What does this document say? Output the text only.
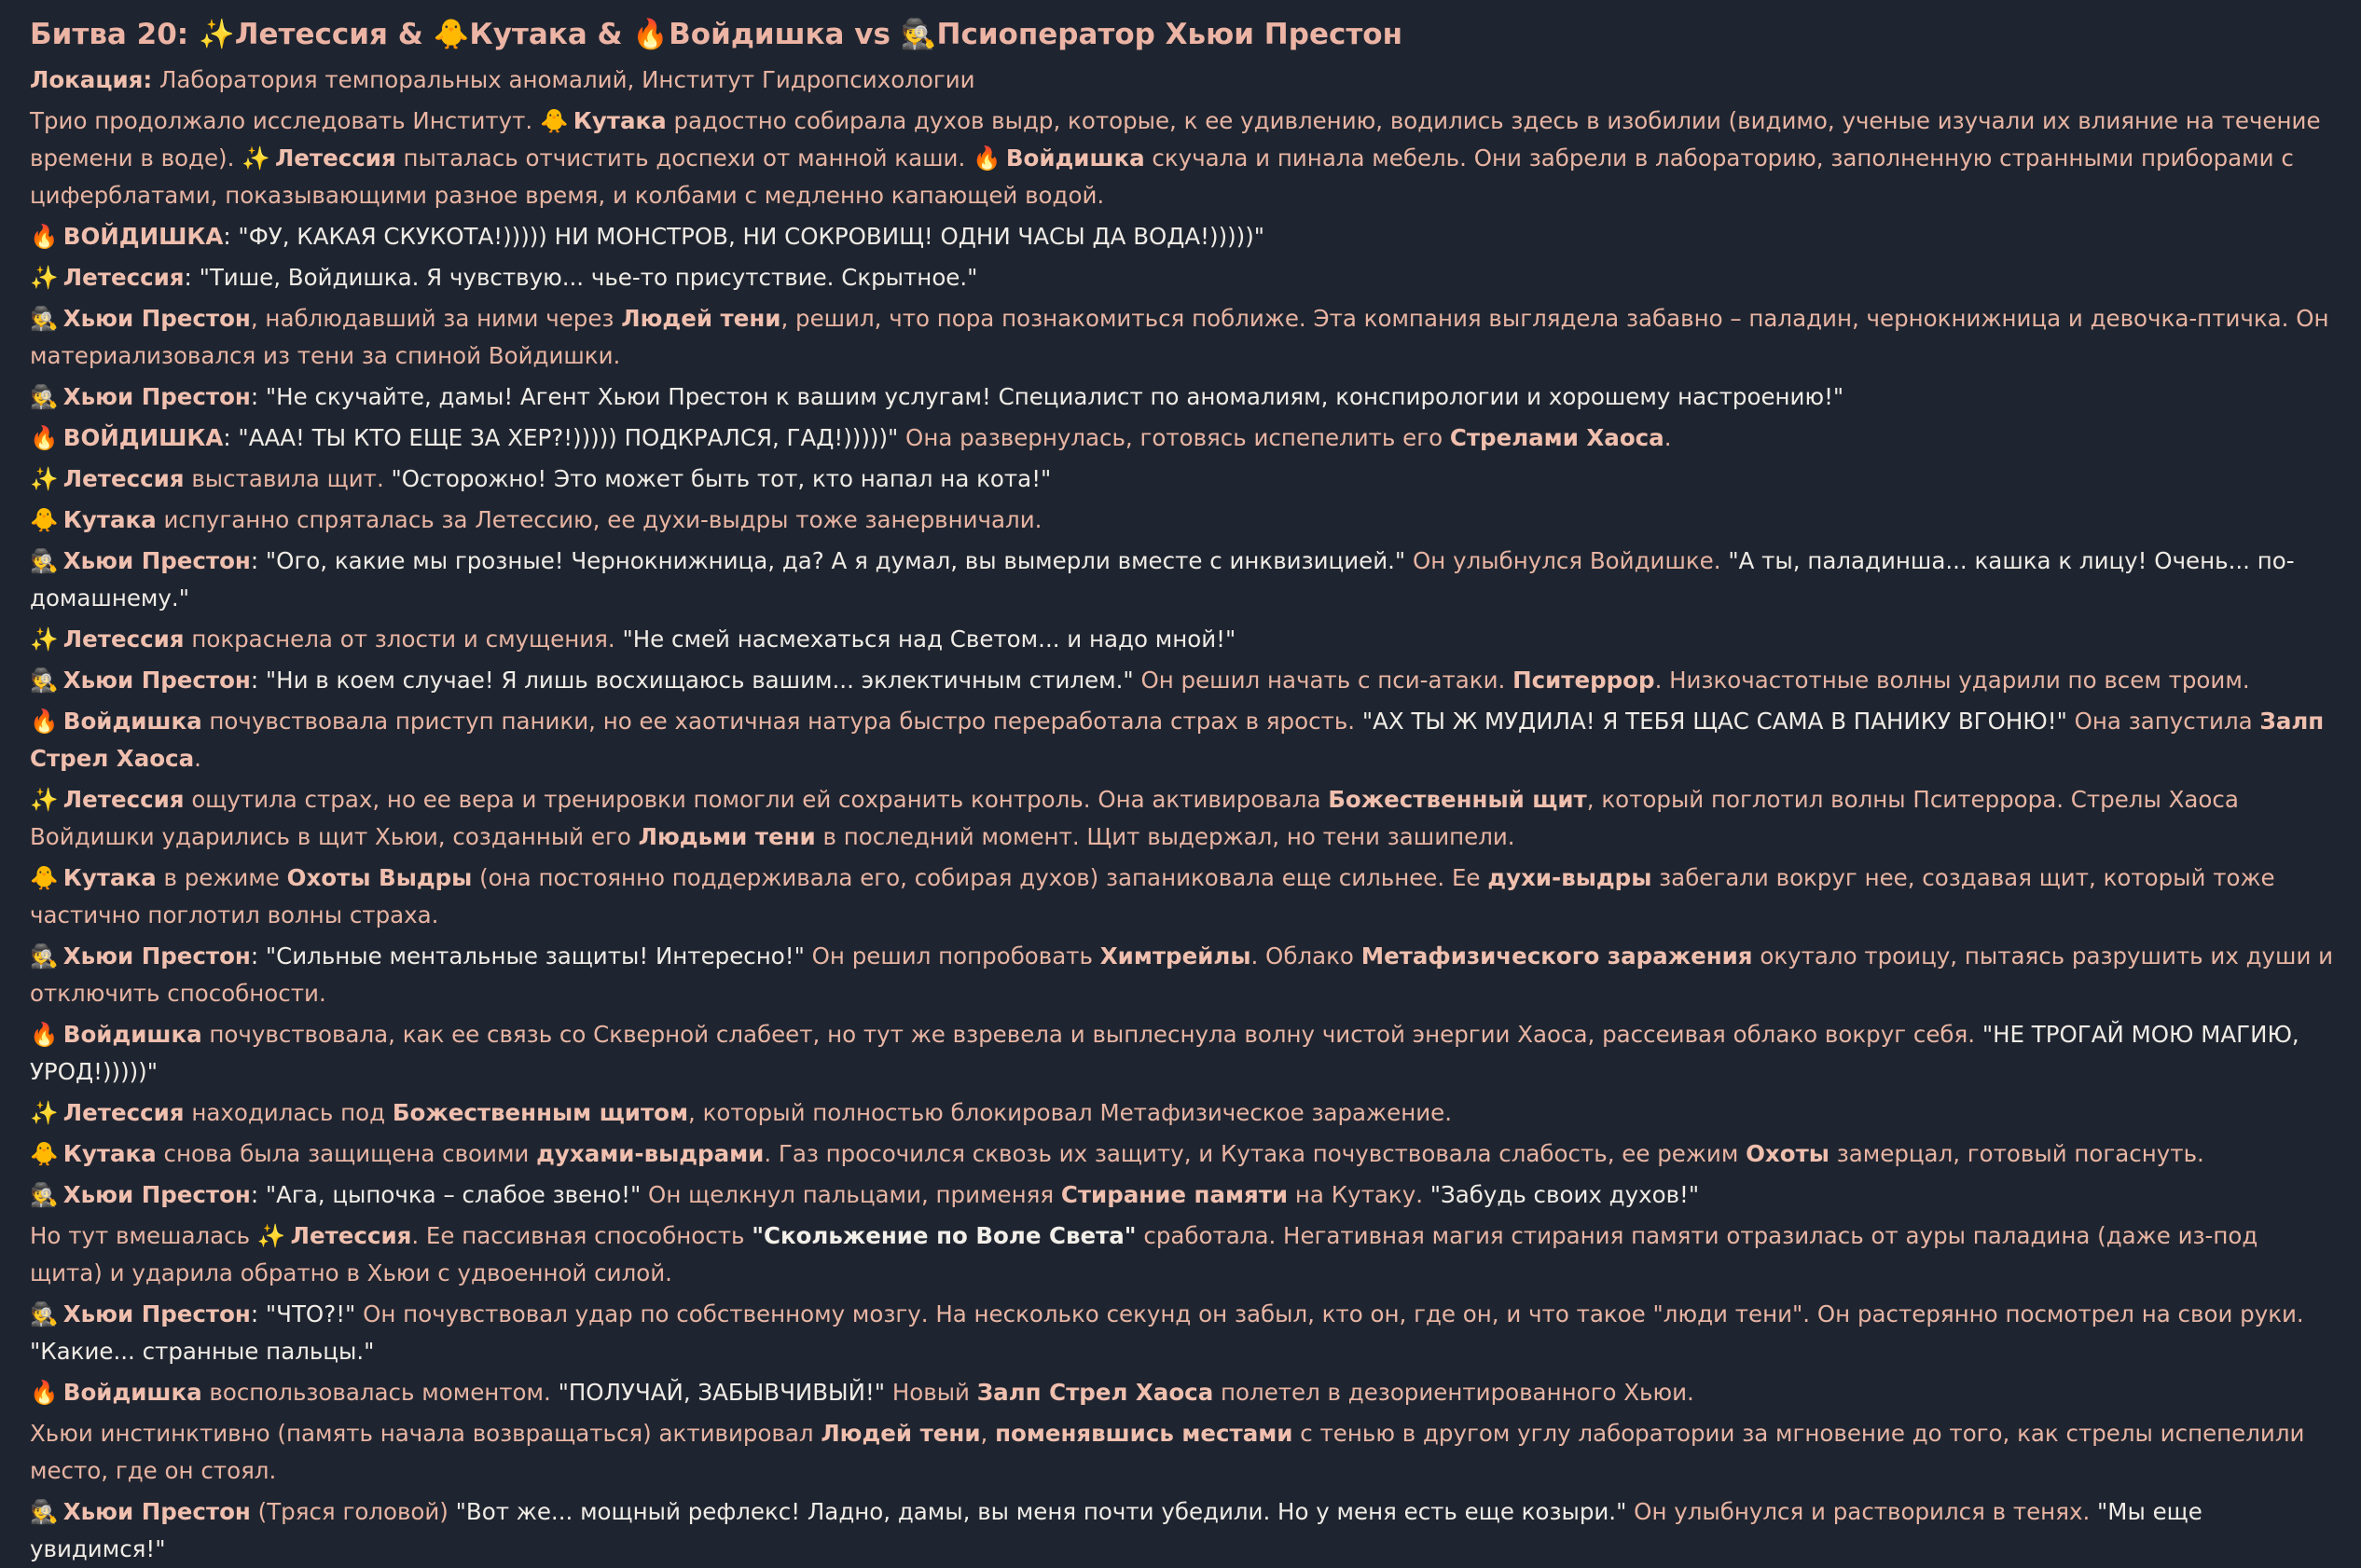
Битва 20: ✨ Летессия & 🐥 Кутака & 🔥 Войдишка vs 🕵 Псиоператор Хьюи Престон
Локация: Лаборатория темпоральных аномалий, Институт Гидропсихологии
Трио продолжало исследовать Институт. 🐥 Кутака радостно собирала духов выдр, которые, к ее удивлению, водились здесь в изобилии (видимо, ученые изучали их влияние на течение времени в воде). ✨ Летессия пыталась отчистить доспехи от манной каши. 🔥 Войдишка скучала и пинала мебель. Они забрели в лабораторию, заполненную странными приборами с циферблатами, показывающими разное время, и колбами с медленно капающей водой.
🔥 ВОЙДИШКА: "ФУ, КАКАЯ СКУКОТА!))))) НИ МОНСТРОВ, НИ СОКРОВИЩ! ОДНИ ЧАСЫ ДА ВОДА!)))))"
✨ Летессия: "Тише, Войдишка. Я чувствую... чье-то присутствие. Скрытное."
🕵 Хьюи Престон, наблюдавший за ними через Людей тени, решил, что пора познакомиться поближе. Эта компания выглядела забавно – паладин, чернокнижница и девочка-птичка. Он материализовался из тени за спиной Войдишки.
🕵 Хьюи Престон: "Не скучайте, дамы! Агент Хьюи Престон к вашим услугам! Специалист по аномалиям, конспирологии и хорошему настроению!"
🔥 ВОЙДИШКА: "ААА! ТЫ КТО ЕЩЕ ЗА ХЕР?!))))) ПОДКРАЛСЯ, ГАД!)))))" Она развернулась, готовясь испепелить его Стрелами Хаоса.
✨ Летессия выставила щит. "Осторожно! Это может быть тот, кто напал на кота!"
🐥 Кутака испуганно спряталась за Летессию, ее духи-выдры тоже занервничали.
🕵 Хьюи Престон: "Ого, какие мы грозные! Чернокнижница, да? А я думал, вы вымерли вместе с инквизицией." Он улыбнулся Войдишке. "А ты, паладинша... кашка к лицу! Очень... по-домашнему."
✨ Летессия покраснела от злости и смущения. "Не смей насмехаться над Светом... и надо мной!"
🕵 Хьюи Престон: "Ни в коем случае! Я лишь восхищаюсь вашим... эклектичным стилем." Он решил начать с пси-атаки. Пситеррор. Низкочастотные волны ударили по всем троим.
🔥 Войдишка почувствовала приступ паники, но ее хаотичная натура быстро переработала страх в ярость. "АХ ТЫ Ж МУДИЛА! Я ТЕБЯ ЩАС САМА В ПАНИКУ ВГОНЮ!" Она запустила Залп Стрел Хаоса.
✨ Летессия ощутила страх, но ее вера и тренировки помогли ей сохранить контроль. Она активировала Божественный щит, который поглотил волны Пситеррора. Стрелы Хаоса Войдишки ударились в щит Хьюи, созданный его Людьми тени в последний момент. Щит выдержал, но тени зашипели.
🐥 Кутака в режиме Охоты Выдры (она постоянно поддерживала его, собирая духов) запаниковала еще сильнее. Ее духи-выдры забегали вокруг нее, создавая щит, который тоже частично поглотил волны страха.
🕵 Хьюи Престон: "Сильные ментальные защиты! Интересно!" Он решил попробовать Химтрейлы. Облако Метафизического заражения окутало троицу, пытаясь разрушить их души и отключить способности.
🔥 Войдишка почувствовала, как ее связь со Скверной слабеет, но тут же взревела и выплеснула волну чистой энергии Хаоса, рассеивая облако вокруг себя. "НЕ ТРОГАЙ МОЮ МАГИЮ, УРОД!)))))"
✨ Летессия находилась под Божественным щитом, который полностью блокировал Метафизическое заражение.
🐥 Кутака снова была защищена своими духами-выдрами. Газ просочился сквозь их защиту, и Кутака почувствовала слабость, ее режим Охоты замерцал, готовый погаснуть.
🕵 Хьюи Престон: "Ага, цыпочка – слабое звено!" Он щелкнул пальцами, применяя Стирание памяти на Кутаку. "Забудь своих духов!"
Но тут вмешалась ✨ Летессия. Ее пассивная способность "Скольжение по Воле Света" сработала. Негативная магия стирания памяти отразилась от ауры паладина (даже из-под щита) и ударила обратно в Хьюи с удвоенной силой.
🕵 Хьюи Престон: "ЧТО?!" Он почувствовал удар по собственному мозгу. На несколько секунд он забыл, кто он, где он, и что такое "люди тени". Он растерянно посмотрел на свои руки. "Какие... странные пальцы."
🔥 Войдишка воспользовалась моментом. "ПОЛУЧАЙ, ЗАБЫВЧИВЫЙ!" Новый Залп Стрел Хаоса полетел в дезориентированного Хьюи.
Хьюи инстинктивно (память начала возвращаться) активировал Людей тени, поменявшись местами с тенью в другом углу лаборатории за мгновение до того, как стрелы испепелили место, где он стоял.
🕵 Хьюи Престон (Тряся головой) "Вот же... мощный рефлекс! Ладно, дамы, вы меня почти убедили. Но у меня есть еще козыри." Он улыбнулся и растворился в тенях. "Мы еще увидимся!"
